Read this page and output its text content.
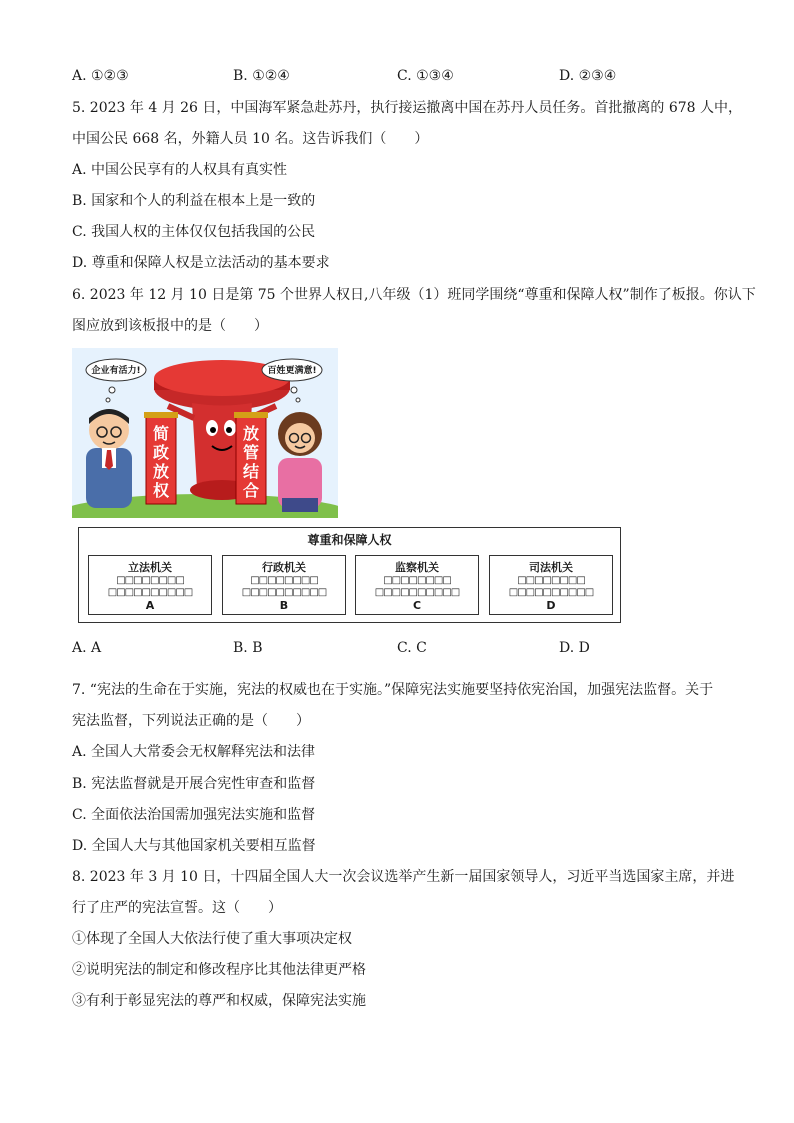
A. ①②③	B. ①②④	C. ①③④	D. ②③④
5. 2023 年 4 月 26 日，中国海军紧急赴苏丹，执行接运撤离中国在苏丹人员任务。首批撤离的 678 人中，
中国公民 668 名，外籍人员 10 名。这告诉我们（　　）
A. 中国公民享有的人权具有真实性
B. 国家和个人的利益在根本上是一致的
C. 我国人权的主体仅仅包括我国的公民
D. 尊重和保障人权是立法活动的基本要求
6. 2023 年 12 月 10 日是第 75 个世界人权日,八年级（1）班同学围绕“尊重和保障人权”制作了板报。你认下
图应放到该板报中的是（　　）
企业有活力!	百姓更满意!
简政放权
放管结合
尊重和保障人权
立法机关
□□□□□□□□
□□□□□□□□□□
A
行政机关
□□□□□□□□
□□□□□□□□□□
B
监察机关
□□□□□□□□
□□□□□□□□□□
C
司法机关
□□□□□□□□
□□□□□□□□□□
D
A. A	B. B	C. C	D. D
7. “宪法的生命在于实施，宪法的权威也在于实施。”保障宪法实施要坚持依宪治国，加强宪法监督。关于
宪法监督，下列说法正确的是（　　）
A. 全国人大常委会无权解释宪法和法律
B. 宪法监督就是开展合宪性审查和监督
C. 全面依法治国需加强宪法实施和监督
D. 全国人大与其他国家机关要相互监督
8. 2023 年 3 月 10 日，十四届全国人大一次会议选举产生新一届国家领导人，习近平当选国家主席，并进
行了庄严的宪法宣誓。这（　　）
①体现了全国人大依法行使了重大事项决定权
②说明宪法的制定和修改程序比其他法律更严格
③有利于彰显宪法的尊严和权威，保障宪法实施
